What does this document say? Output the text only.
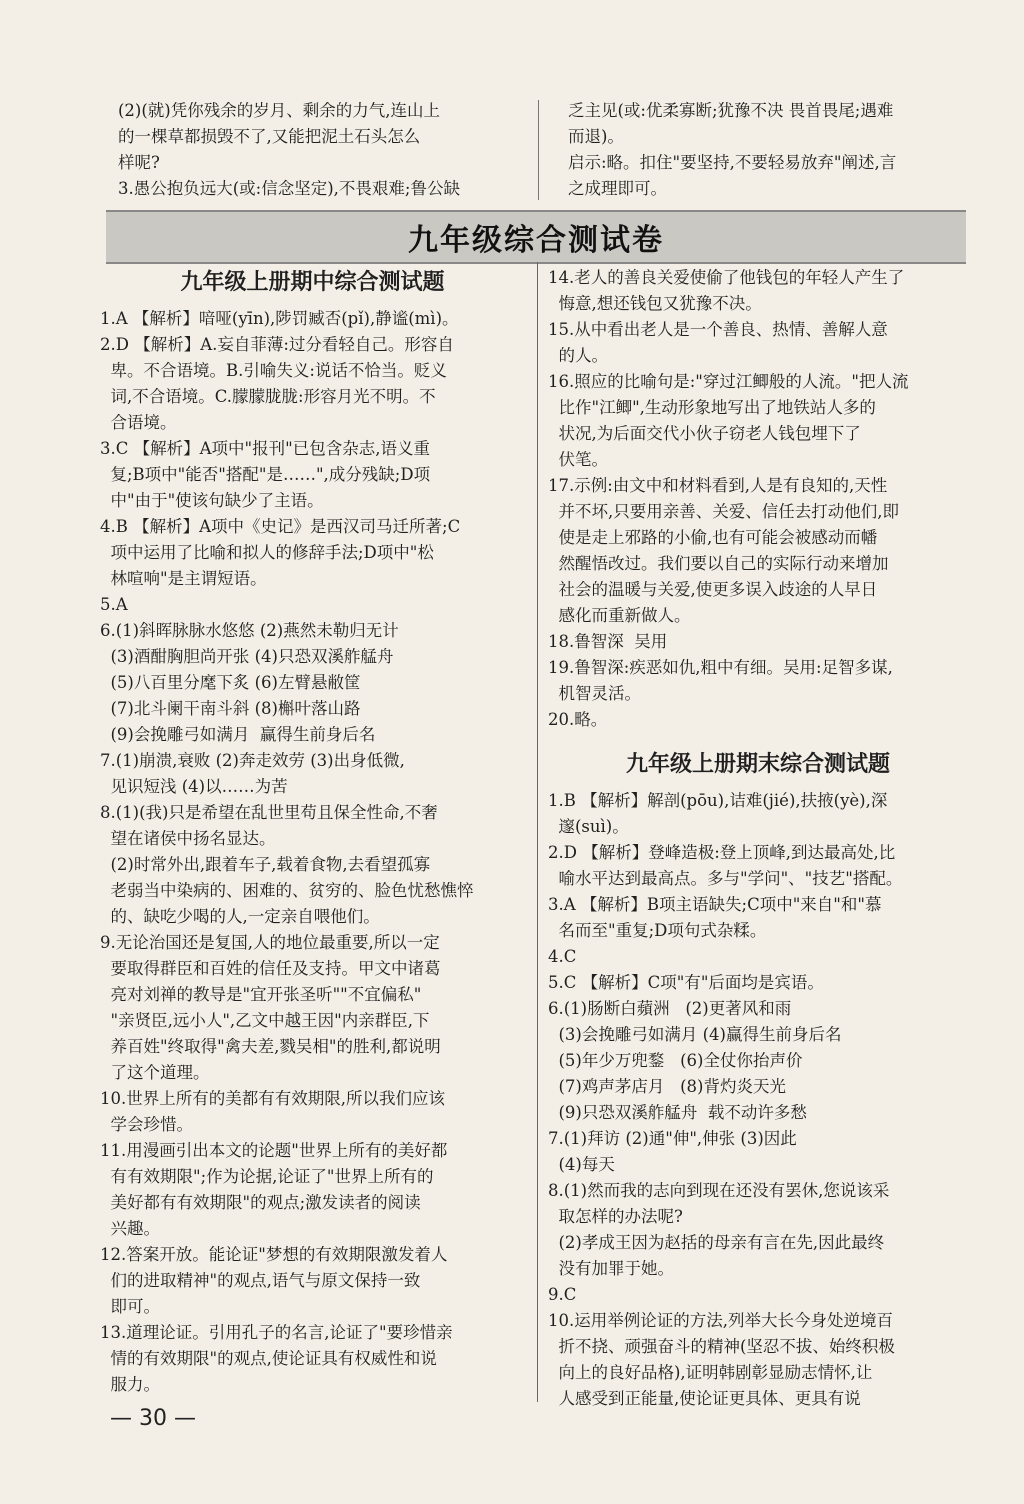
(2)(就)凭你残余的岁月、剩余的力气,连山上
的一棵草都损毁不了,又能把泥土石头怎么
样呢?
3.愚公抱负远大(或:信念坚定),不畏艰难;鲁公缺
乏主见(或:优柔寡断;犹豫不决 畏首畏尾;遇难
而退)。
启示:略。扣住"要坚持,不要轻易放弃"阐述,言
之成理即可。
九年级综合测试卷
九年级上册期中综合测试题
1.A 【解析】喑哑(yīn),陟罚臧否(pǐ),静谧(mì)。
2.D 【解析】A.妄自菲薄:过分看轻自己。形容自
卑。不合语境。B.引喻失义:说话不恰当。贬义
词,不合语境。C.朦朦胧胧:形容月光不明。不
合语境。
3.C 【解析】A项中"报刊"已包含杂志,语义重
复;B项中"能否"搭配"是……",成分残缺;D项
中"由于"使该句缺少了主语。
4.B 【解析】A项中《史记》是西汉司马迁所著;C
项中运用了比喻和拟人的修辞手法;D项中"松
林喧响"是主谓短语。
5.A
6.(1)斜晖脉脉水悠悠 (2)燕然未勒归无计
(3)酒酣胸胆尚开张 (4)只恐双溪舴艋舟
(5)八百里分麾下炙 (6)左臂悬敝筐
(7)北斗阑干南斗斜 (8)槲叶落山路
(9)会挽雕弓如满月  赢得生前身后名
7.(1)崩溃,衰败 (2)奔走效劳 (3)出身低微,
见识短浅 (4)以……为苦
8.(1)(我)只是希望在乱世里苟且保全性命,不奢
望在诸侯中扬名显达。
(2)时常外出,跟着车子,载着食物,去看望孤寡
老弱当中染病的、困难的、贫穷的、脸色忧愁憔悴
的、缺吃少喝的人,一定亲自喂他们。
9.无论治国还是复国,人的地位最重要,所以一定
要取得群臣和百姓的信任及支持。甲文中诸葛
亮对刘禅的教导是"宜开张圣听""不宜偏私"
"亲贤臣,远小人",乙文中越王因"内亲群臣,下
养百姓"终取得"禽夫差,戮吴相"的胜利,都说明
了这个道理。
10.世界上所有的美都有有效期限,所以我们应该
学会珍惜。
11.用漫画引出本文的论题"世界上所有的美好都
有有效期限";作为论据,论证了"世界上所有的
美好都有有效期限"的观点;激发读者的阅读
兴趣。
12.答案开放。能论证"梦想的有效期限激发着人
们的进取精神"的观点,语气与原文保持一致
即可。
13.道理论证。引用孔子的名言,论证了"要珍惜亲
情的有效期限"的观点,使论证具有权威性和说
服力。
14.老人的善良关爱使偷了他钱包的年轻人产生了
悔意,想还钱包又犹豫不决。
15.从中看出老人是一个善良、热情、善解人意
的人。
16.照应的比喻句是:"穿过江鲫般的人流。"把人流
比作"江鲫",生动形象地写出了地铁站人多的
状况,为后面交代小伙子窃老人钱包埋下了
伏笔。
17.示例:由文中和材料看到,人是有良知的,天性
并不坏,只要用亲善、关爱、信任去打动他们,即
使是走上邪路的小偷,也有可能会被感动而幡
然醒悟改过。我们要以自己的实际行动来增加
社会的温暖与关爱,使更多误入歧途的人早日
感化而重新做人。
18.鲁智深  吴用
19.鲁智深:疾恶如仇,粗中有细。吴用:足智多谋,
机智灵活。
20.略。
九年级上册期末综合测试题
1.B 【解析】解剖(pōu),诘难(jié),扶掖(yè),深
邃(suì)。
2.D 【解析】登峰造极:登上顶峰,到达最高处,比
喻水平达到最高点。多与"学问"、"技艺"搭配。
3.A 【解析】B项主语缺失;C项中"来自"和"慕
名而至"重复;D项句式杂糅。
4.C
5.C 【解析】C项"有"后面均是宾语。
6.(1)肠断白蘋洲   (2)更著风和雨
(3)会挽雕弓如满月 (4)赢得生前身后名
(5)年少万兜鍪   (6)全仗你抬声价
(7)鸡声茅店月   (8)背灼炎天光
(9)只恐双溪舴艋舟  载不动许多愁
7.(1)拜访 (2)通"伸",伸张 (3)因此
(4)每天
8.(1)然而我的志向到现在还没有罢休,您说该采
取怎样的办法呢?
(2)孝成王因为赵括的母亲有言在先,因此最终
没有加罪于她。
9.C
10.运用举例论证的方法,列举大长今身处逆境百
折不挠、顽强奋斗的精神(坚忍不拔、始终积极
向上的良好品格),证明韩剧彰显励志情怀,让
人感受到正能量,使论证更具体、更具有说
— 30 —
